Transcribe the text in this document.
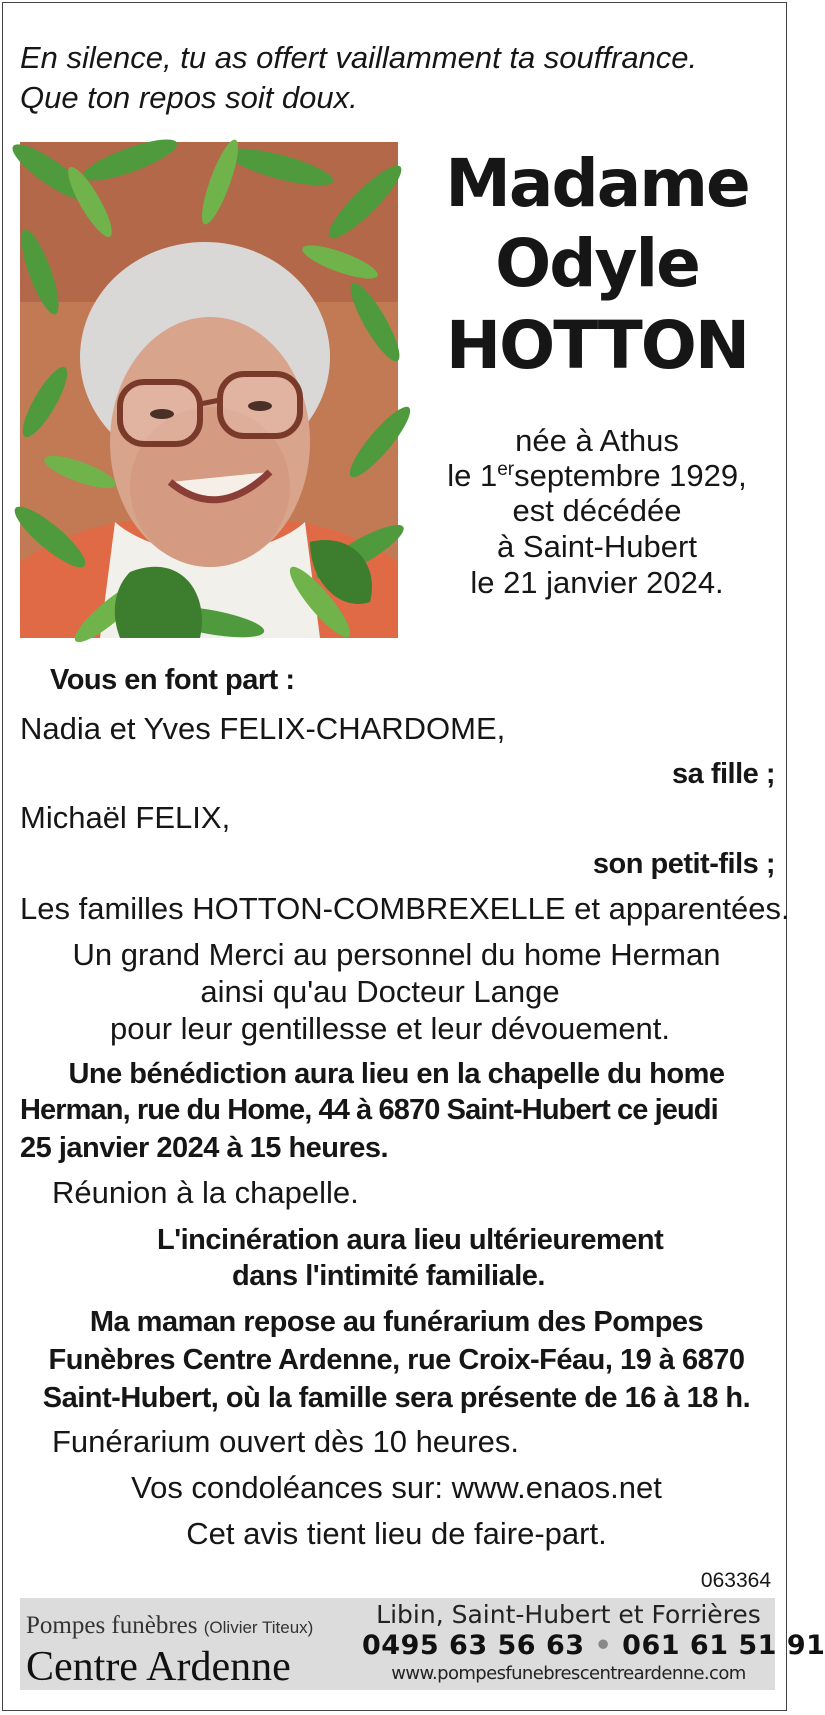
En silence, tu as offert vaillamment ta souffrance.

Que ton repos soit doux.

Madame

Odyle

HOTTON

née à Athus

le 1erseptembre 1929,

est décédée

à Saint-Hubert

le 21 janvier 2024.

Vous en font part :

Nadia et Yves FELIX-CHARDOME,

sa fille ;

Michaël FELIX,

son petit-fils ;

Les familles HOTTON-COMBREXELLE et apparentées.

Un grand Merci au personnel du home Herman

ainsi qu'au Docteur Lange

pour leur gentillesse et leur dévouement.

Une bénédiction aura lieu en la chapelle du home

Herman, rue du Home, 44 à 6870 Saint-Hubert ce jeudi

25 janvier 2024 à 15 heures.

Réunion à la chapelle.

L'incinération aura lieu ultérieurement

dans l'intimité familiale.

Ma maman repose au funérarium des Pompes

Funèbres Centre Ardenne, rue Croix-Féau, 19 à 6870

Saint-Hubert, où la famille sera présente de 16 à 18 h.

Funérarium ouvert dès 10 heures.

Vos condoléances sur: www.enaos.net

Cet avis tient lieu de faire-part.

063364

Pompes funèbres (Olivier Titeux)

Centre Ardenne

Libin, Saint-Hubert et Forrières

0495 63 56 63 • 061 61 51 91

www.pompesfunebrescentreardenne.com
